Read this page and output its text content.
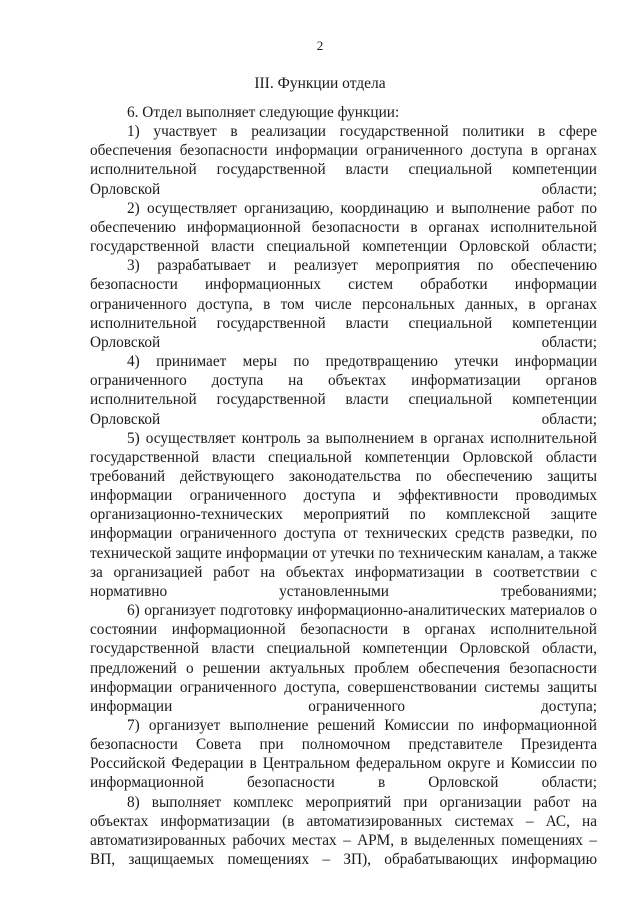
2
III. Функции отдела

6. Отдел выполняет следующие функции:

1) участвует в реализации государственной политики в сфере обеспечения безопасности информации ограниченного доступа в органах исполнительной государственной власти специальной компетенции Орловской области;

2) осуществляет организацию, координацию и выполнение работ по обеспечению информационной безопасности в органах исполнительной государственной власти специальной компетенции Орловской области;

3) разрабатывает и реализует мероприятия по обеспечению безопасности информационных систем обработки информации ограниченного доступа, в том числе персональных данных, в органах исполнительной государственной власти специальной компетенции Орловской области;

4) принимает меры по предотвращению утечки информации ограниченного доступа на объектах информатизации органов исполнительной государственной власти специальной компетенции Орловской области;

5) осуществляет контроль за выполнением в органах исполнительной государственной власти специальной компетенции Орловской области требований действующего законодательства по обеспечению защиты информации ограниченного доступа и эффективности проводимых организационно-технических мероприятий по комплексной защите информации ограниченного доступа от технических средств разведки, по технической защите информации от утечки по техническим каналам, а также за организацией работ на объектах информатизации в соответствии с нормативно установленными требованиями;

6) организует подготовку информационно-аналитических материалов о состоянии информационной безопасности в органах исполнительной государственной власти специальной компетенции Орловской области, предложений о решении актуальных проблем обеспечения безопасности информации ограниченного доступа, совершенствовании системы защиты информации ограниченного доступа;

7) организует выполнение решений Комиссии по информационной безопасности Совета при полномочном представителе Президента Российской Федерации в Центральном федеральном округе и Комиссии по информационной безопасности в Орловской области;

8) выполняет комплекс мероприятий при организации работ на объектах информатизации (в автоматизированных системах – АС, на автоматизированных рабочих местах – АРМ, в выделенных помещениях – ВП, защищаемых помещениях – ЗП), обрабатывающих информацию
